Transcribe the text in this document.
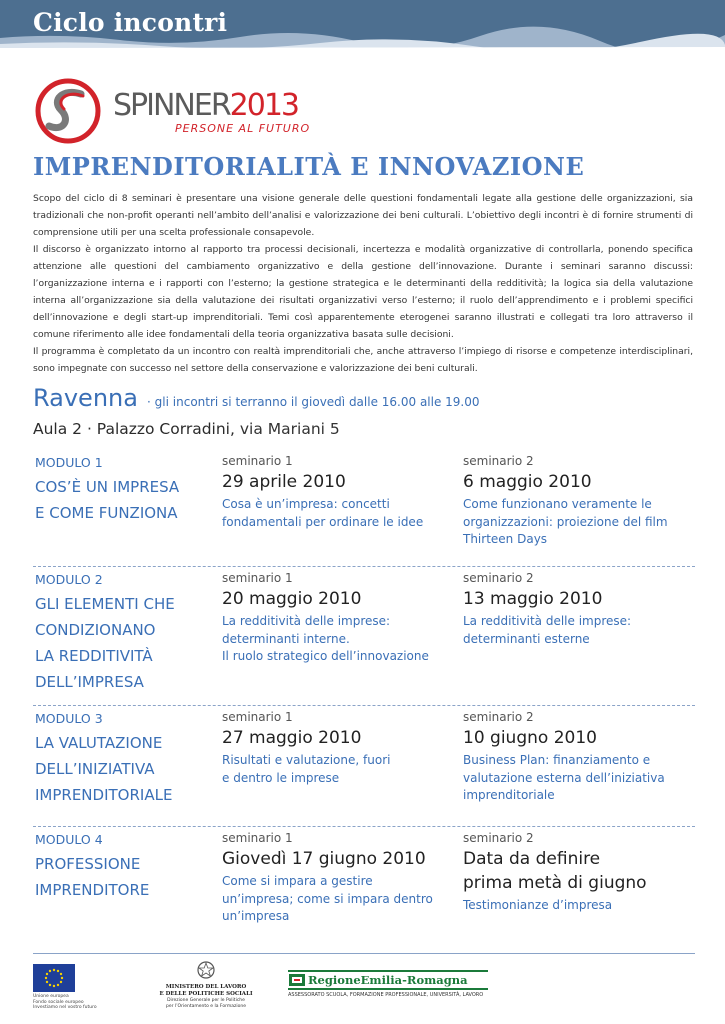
Ciclo incontri
SPINNER2013
PERSONE AL FUTURO
IMPRENDITORIALITÀ E INNOVAZIONE

Scopo del ciclo di 8 seminari è presentare una visione generale delle questioni fondamentali legate alla gestione delle organizzazioni, sia tradizionali che non-profit operanti nell’ambito dell’analisi e valorizzazione dei beni culturali. L’obiettivo degli incontri è di fornire strumenti di comprensione utili per una scelta professionale consapevole.

Il discorso è organizzato intorno al rapporto tra processi decisionali, incertezza e modalità organizzative di controllarla, ponendo specifica attenzione alle questioni del cambiamento organizzativo e della gestione dell’innovazione. Durante i seminari saranno discussi: l’organizzazione interna e i rapporti con l’esterno; la gestione strategica e le determinanti della redditività; la logica sia della valutazione interna all’organizzazione sia della valutazione dei risultati organizzativi verso l’esterno; il ruolo dell’apprendimento e i problemi specifici dell’innovazione e degli start-up imprenditoriali. Temi così apparentemente eterogenei saranno illustrati e collegati tra loro attraverso il comune riferimento alle idee fondamentali della teoria organizzativa basata sulle decisioni.

Il programma è completato da un incontro con realtà imprenditoriali che, anche attraverso l’impiego di risorse e competenze interdisciplinari, sono impegnate con successo nel settore della conservazione e valorizzazione dei beni culturali.

Ravenna · gli incontri si terranno il giovedì dalle 16.00 alle 19.00
Aula 2 · Palazzo Corradini, via Mariani 5
MODULO 1
COS’È UN IMPRESA
E COME FUNZIONA
seminario 1
29 aprile 2010
Cosa è un’impresa: concetti
fondamentali per ordinare le idee
seminario 2
6 maggio 2010
Come funzionano veramente le
organizzazioni: proiezione del film
Thirteen Days
MODULO 2
GLI ELEMENTI CHE
CONDIZIONANO
LA REDDITIVITÀ
DELL’IMPRESA
seminario 1
20 maggio 2010
La redditività delle imprese:
determinanti interne.
Il ruolo strategico dell’innovazione
seminario 2
13 maggio 2010
La redditività delle imprese:
determinanti esterne
MODULO 3
LA VALUTAZIONE
DELL’INIZIATIVA
IMPRENDITORIALE
seminario 1
27 maggio 2010
Risultati e valutazione, fuori
e dentro le imprese
seminario 2
10 giugno 2010
Business Plan: finanziamento e
valutazione esterna dell’iniziativa
imprenditoriale
MODULO 4
PROFESSIONE
IMPRENDITORE
seminario 1
Giovedì 17 giugno 2010
Come si impara a gestire
un’impresa; come si impara dentro
un’impresa
seminario 2
Data da definire
prima metà di giugno
Testimonianze d’impresa
Unione europea
Fondo sociale europeo
Investiamo nel vostro futuro
MINISTERO DEL LAVORO
E DELLE POLITICHE SOCIALI
Direzione Generale per le Politiche
per l’Orientamento e la Formazione
RegioneEmilia-Romagna
ASSESSORATO SCUOLA, FORMAZIONE PROFESSIONALE, UNIVERSITÀ, LAVORO
